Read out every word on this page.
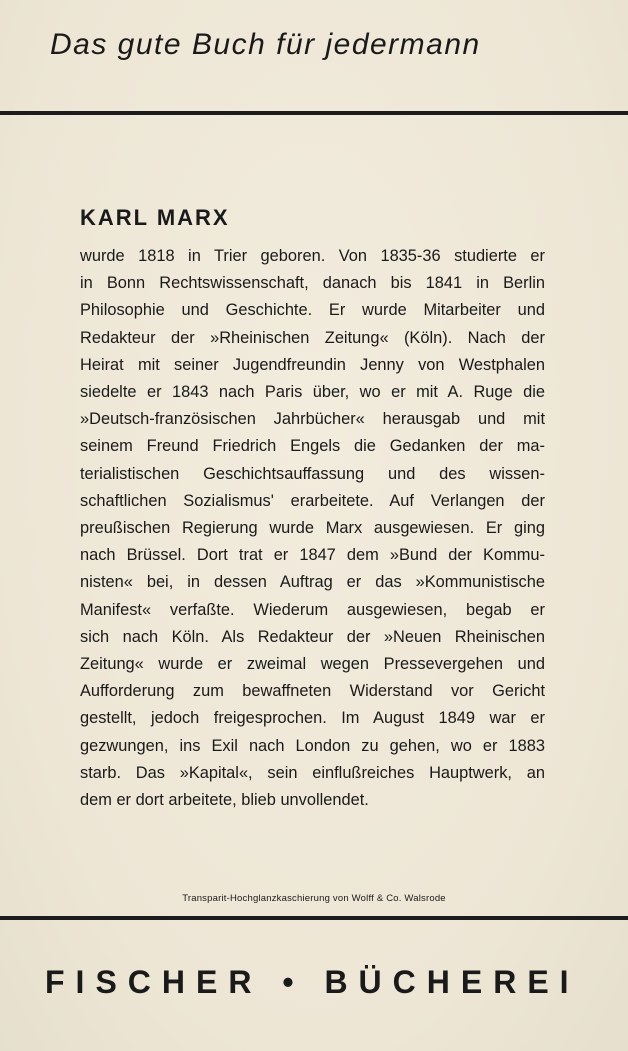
Das gute Buch für jedermann
KARL MARX
wurde 1818 in Trier geboren. Von 1835-36 studierte er
in Bonn Rechtswissenschaft, danach bis 1841 in Berlin
Philosophie und Geschichte. Er wurde Mitarbeiter und
Redakteur der »Rheinischen Zeitung« (Köln). Nach der
Heirat mit seiner Jugendfreundin Jenny von Westphalen
siedelte er 1843 nach Paris über, wo er mit A. Ruge die
»Deutsch-französischen Jahrbücher« herausgab und mit
seinem Freund Friedrich Engels die Gedanken der ma-
terialistischen Geschichtsauffassung und des wissen-
schaftlichen Sozialismus' erarbeitete. Auf Verlangen der
preußischen Regierung wurde Marx ausgewiesen. Er ging
nach Brüssel. Dort trat er 1847 dem »Bund der Kommu-
nisten« bei, in dessen Auftrag er das »Kommunistische
Manifest« verfaßte. Wiederum ausgewiesen, begab er
sich nach Köln. Als Redakteur der »Neuen Rheinischen
Zeitung« wurde er zweimal wegen Pressevergehen und
Aufforderung zum bewaffneten Widerstand vor Gericht
gestellt, jedoch freigesprochen. Im August 1849 war er
gezwungen, ins Exil nach London zu gehen, wo er 1883
starb. Das »Kapital«, sein einflußreiches Hauptwerk, an
dem er dort arbeitete, blieb unvollendet.
Transparit-Hochglanzkaschierung von Wolff & Co. Walsrode
FISCHER • BÜCHEREI
